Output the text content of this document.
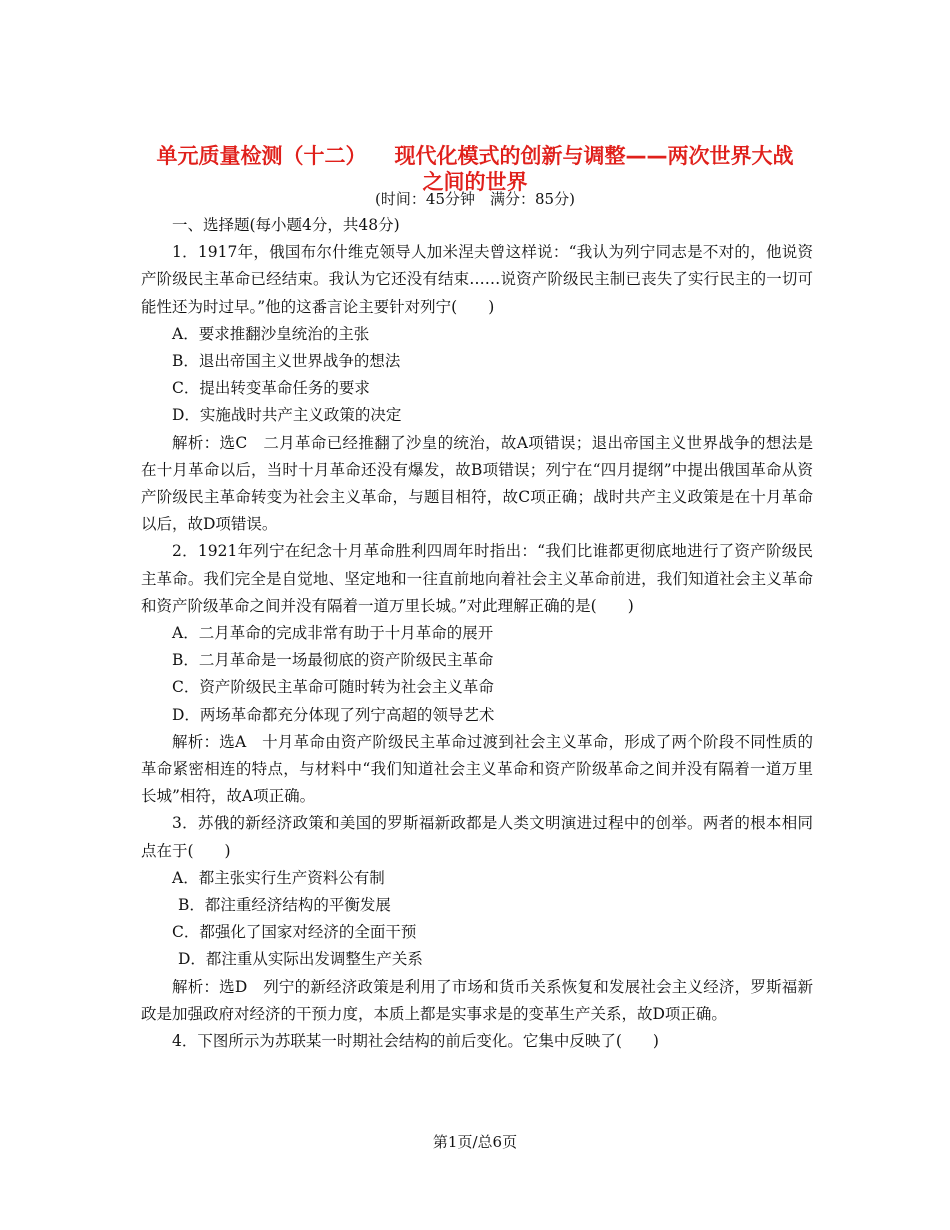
单元质量检测（十二） 现代化模式的创新与调整——两次世界大战
之间的世界
(时间：45分钟　满分：85分)

一、选择题(每小题4分，共48分)

1．1917年，俄国布尔什维克领导人加米涅夫曾这样说：“我认为列宁同志是不对的，他说资产阶级民主革命已经结束。我认为它还没有结束……说资产阶级民主制已丧失了实行民主的一切可能性还为时过早。”他的这番言论主要针对列宁(　　)

A．要求推翻沙皇统治的主张

B．退出帝国主义世界战争的想法

C．提出转变革命任务的要求

D．实施战时共产主义政策的决定

解析：选C　二月革命已经推翻了沙皇的统治，故A项错误；退出帝国主义世界战争的想法是在十月革命以后，当时十月革命还没有爆发，故B项错误；列宁在“四月提纲”中提出俄国革命从资产阶级民主革命转变为社会主义革命，与题目相符，故C项正确；战时共产主义政策是在十月革命以后，故D项错误。

2．1921年列宁在纪念十月革命胜利四周年时指出：“我们比谁都更彻底地进行了资产阶级民主革命。我们完全是自觉地、坚定地和一往直前地向着社会主义革命前进，我们知道社会主义革命和资产阶级革命之间并没有隔着一道万里长城。”对此理解正确的是(　　)

A．二月革命的完成非常有助于十月革命的展开

B．二月革命是一场最彻底的资产阶级民主革命

C．资产阶级民主革命可随时转为社会主义革命

D．两场革命都充分体现了列宁高超的领导艺术

解析：选A　十月革命由资产阶级民主革命过渡到社会主义革命，形成了两个阶段不同性质的革命紧密相连的特点，与材料中“我们知道社会主义革命和资产阶级革命之间并没有隔着一道万里长城”相符，故A项正确。

3．苏俄的新经济政策和美国的罗斯福新政都是人类文明演进过程中的创举。两者的根本相同点在于(　　)

A．都主张实行生产资料公有制

B．都注重经济结构的平衡发展

C．都强化了国家对经济的全面干预

D．都注重从实际出发调整生产关系

解析：选D　列宁的新经济政策是利用了市场和货币关系恢复和发展社会主义经济，罗斯福新政是加强政府对经济的干预力度，本质上都是实事求是的变革生产关系，故D项正确。

4．下图所示为苏联某一时期社会结构的前后变化。它集中反映了(　　)

第1页/总6页
